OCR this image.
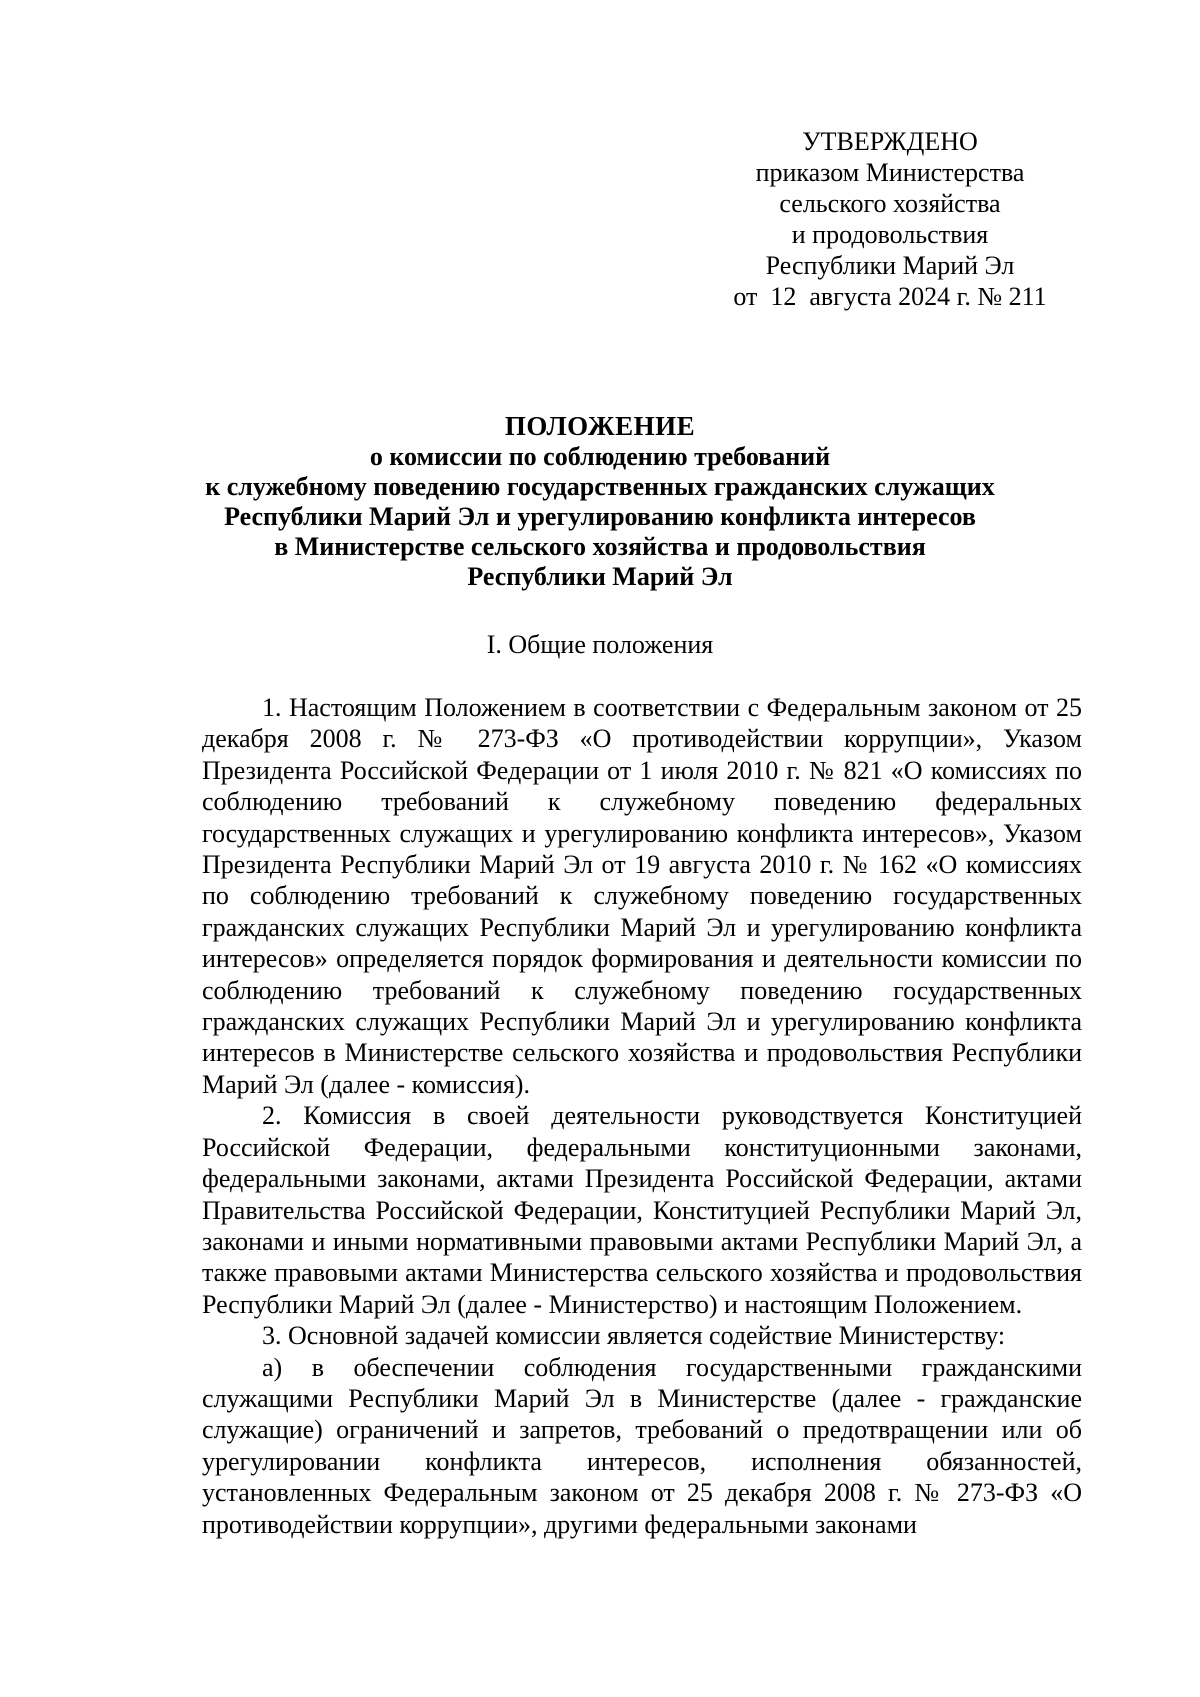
УТВЕРЖДЕНО
приказом Министерства
сельского хозяйства
и продовольствия
Республики Марий Эл
от  12  августа 2024 г. № 211
ПОЛОЖЕНИЕ
о комиссии по соблюдению требований
к служебному поведению государственных гражданских служащих
Республики Марий Эл и урегулированию конфликта интересов
в Министерстве сельского хозяйства и продовольствия
Республики Марий Эл
I. Общие положения

1. Настоящим Положением в соответствии с Федеральным законом от 25 декабря 2008 г. № 273-ФЗ «О противодействии коррупции», Указом Президента Российской Федерации от 1 июля 2010 г. № 821 «О комиссиях по соблюдению требований к служебному поведению федеральных государственных служащих и урегулированию конфликта интересов», Указом Президента Республики Марий Эл от 19 августа 2010 г. № 162 «О комиссиях по соблюдению требований к служебному поведению государственных гражданских служащих Республики Марий Эл и урегулированию конфликта интересов» определяется порядок формирования и деятельности комиссии по соблюдению требований к служебному поведению государственных гражданских служащих Республики Марий Эл и урегулированию конфликта интересов в Министерстве сельского хозяйства и продовольствия Республики Марий Эл (далее - комиссия).

2. Комиссия в своей деятельности руководствуется Конституцией Российской Федерации, федеральными конституционными законами, федеральными законами, актами Президента Российской Федерации, актами Правительства Российской Федерации, Конституцией Республики Марий Эл, законами и иными нормативными правовыми актами Республики Марий Эл, а также правовыми актами Министерства сельского хозяйства и продовольствия Республики Марий Эл (далее - Министерство) и настоящим Положением.

3. Основной задачей комиссии является содействие Министерству:

а) в обеспечении соблюдения государственными гражданскими служащими Республики Марий Эл в Министерстве (далее - гражданские служащие) ограничений и запретов, требований о предотвращении или об урегулировании конфликта интересов, исполнения обязанностей, установленных Федеральным законом от 25 декабря 2008 г. № 273-ФЗ «О противодействии коррупции», другими федеральными законами
